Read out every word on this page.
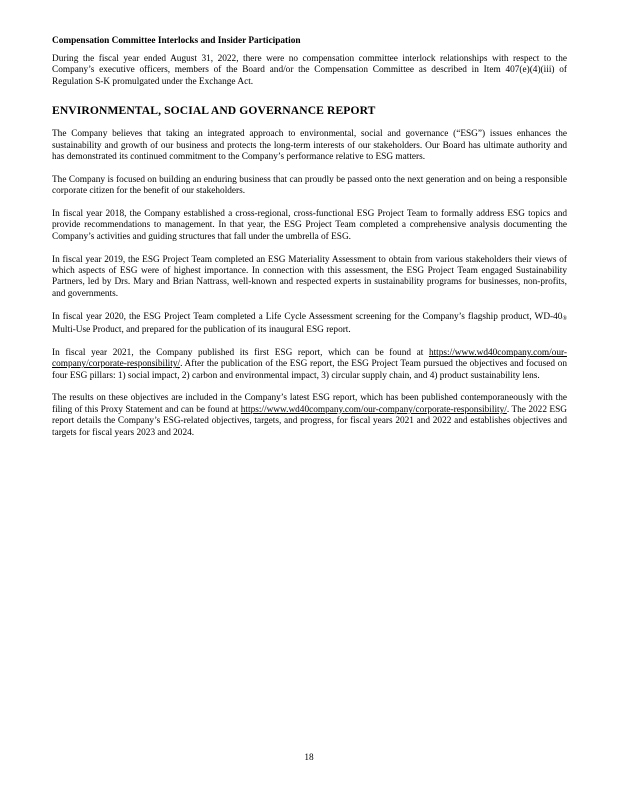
Compensation Committee Interlocks and Insider Participation

During the fiscal year ended August 31, 2022, there were no compensation committee interlock relationships with respect to the Company’s executive officers, members of the Board and/or the Compensation Committee as described in Item 407(e)(4)(iii) of Regulation S-K promulgated under the Exchange Act.

ENVIRONMENTAL, SOCIAL AND GOVERNANCE REPORT

The Company believes that taking an integrated approach to environmental, social and governance (“ESG”) issues enhances the sustainability and growth of our business and protects the long-term interests of our stakeholders. Our Board has ultimate authority and has demonstrated its continued commitment to the Company’s performance relative to ESG matters.

The Company is focused on building an enduring business that can proudly be passed onto the next generation and on being a responsible corporate citizen for the benefit of our stakeholders.

In fiscal year 2018, the Company established a cross-regional, cross-functional ESG Project Team to formally address ESG topics and provide recommendations to management. In that year, the ESG Project Team completed a comprehensive analysis documenting the Company’s activities and guiding structures that fall under the umbrella of ESG.

In fiscal year 2019, the ESG Project Team completed an ESG Materiality Assessment to obtain from various stakeholders their views of which aspects of ESG were of highest importance. In connection with this assessment, the ESG Project Team engaged Sustainability Partners, led by Drs. Mary and Brian Nattrass, well-known and respected experts in sustainability programs for businesses, non-profits, and governments.

In fiscal year 2020, the ESG Project Team completed a Life Cycle Assessment screening for the Company’s flagship product, $WD-40_®$ Multi-Use Product, and prepared for the publication of its inaugural ESG report.

In fiscal year 2021, the Company published its first ESG report, which can be found at https://www.wd40company.com/our-company/corporate-responsibility/. After the publication of the ESG report, the ESG Project Team pursued the objectives and focused on four ESG pillars: 1) social impact, 2) carbon and environmental impact, 3) circular supply chain, and 4) product sustainability lens.

The results on these objectives are included in the Company’s latest ESG report, which has been published contemporaneously with the filing of this Proxy Statement and can be found at https://www.wd40company.com/our-company/corporate-responsibility/. The 2022 ESG report details the Company’s ESG-related objectives, targets, and progress, for fiscal years 2021 and 2022 and establishes objectives and targets for fiscal years 2023 and 2024.

18
